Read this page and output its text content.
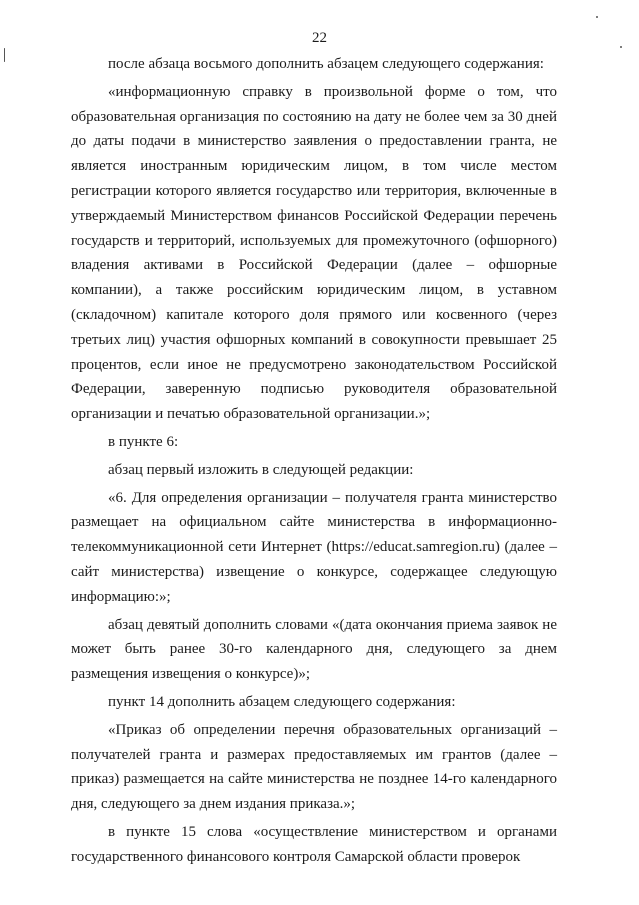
22

после абзаца восьмого дополнить абзацем следующего содержания:

«информационную справку в произвольной форме о том, что образовательная организация по состоянию на дату не более чем за 30 дней до даты подачи в министерство заявления о предоставлении гранта, не является иностранным юридическим лицом, в том числе местом регистрации которого является государство или территория, включенные в утверждаемый Министерством финансов Российской Федерации перечень государств и территорий, используемых для промежуточного (офшорного) владения активами в Российской Федерации (далее – офшорные компании), а также российским юридическим лицом, в уставном (складочном) капитале которого доля прямого или косвенного (через третьих лиц) участия офшорных компаний в совокупности превышает 25 процентов, если иное не предусмотрено законодательством Российской Федерации, заверенную подписью руководителя образовательной организации и печатью образовательной организации.»;

в пункте 6:

абзац первый изложить в следующей редакции:

«6. Для определения организации – получателя гранта министерство размещает на официальном сайте министерства в информационно-телекоммуникационной сети Интернет (https://educat.samregion.ru) (далее – сайт министерства) извещение о конкурсе, содержащее следующую информацию:»;

абзац девятый дополнить словами «(дата окончания приема заявок не может быть ранее 30-го календарного дня, следующего за днем размещения извещения о конкурсе)»;

пункт 14 дополнить абзацем следующего содержания:

«Приказ об определении перечня образовательных организаций – получателей гранта и размерах предоставляемых им грантов (далее – приказ) размещается на сайте министерства не позднее 14-го календарного дня, следующего за днем издания приказа.»;

в пункте 15 слова «осуществление министерством и органами государственного финансового контроля Самарской области проверок
